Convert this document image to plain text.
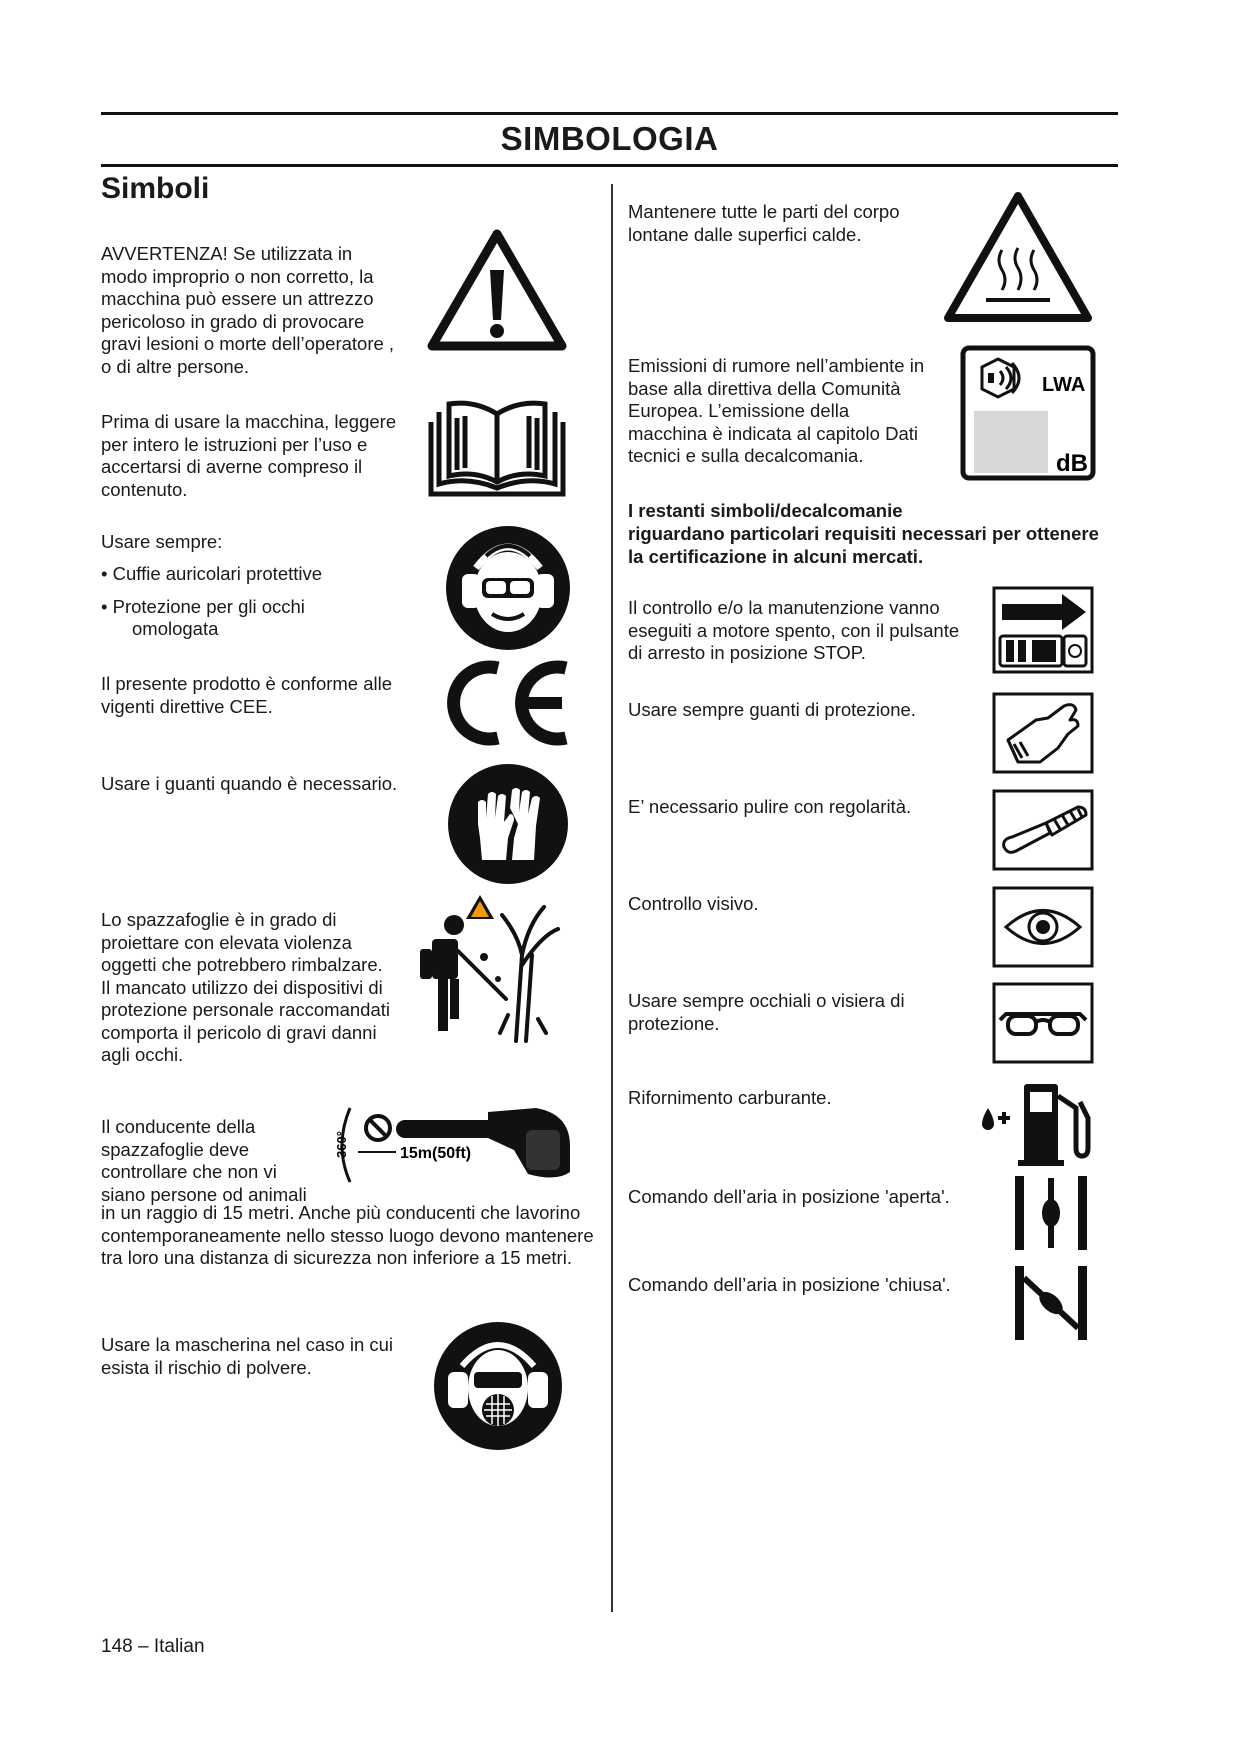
SIMBOLOGIA
Simboli
AVVERTENZA! Se utilizzata in modo improprio o non corretto, la macchina può essere un attrezzo pericoloso in grado di provocare gravi lesioni o morte dell’operatore , o di altre persone.
Prima di usare la macchina, leggere per intero le istruzioni per l’uso e accertarsi di averne compreso il contenuto.
Usare sempre:
• Cuffie auricolari protettive
• Protezione per gli occhi
omologata
Il presente prodotto è conforme alle vigenti direttive CEE.
Usare i guanti quando è necessario.
Lo spazzafoglie è in grado di proiettare con elevata violenza oggetti che potrebbero rimbalzare. Il mancato utilizzo dei dispositivi di protezione personale raccomandati comporta il pericolo di gravi danni agli occhi.
Il conducente della spazzafoglie deve controllare che non vi siano persone od animali
in un raggio di 15 metri. Anche più conducenti che lavorino contemporaneamente nello stesso luogo devono mantenere tra loro una distanza di sicurezza non inferiore a 15 metri.
360°	15m(50ft)
Usare la mascherina nel caso in cui esista il rischio di polvere.
Mantenere tutte le parti del corpo lontane dalle superfici calde.
Emissioni di rumore nell’ambiente in base alla direttiva della Comunità Europea. L’emissione della macchina è indicata al capitolo Dati tecnici e sulla decalcomania.
LWA
dB
I restanti simboli/decalcomanie
riguardano particolari requisiti necessari per ottenere la certificazione in alcuni mercati.
Il controllo e/o la manutenzione vanno eseguiti a motore spento, con il pulsante di arresto in posizione STOP.
Usare sempre guanti di protezione.
E’ necessario pulire con regolarità.
Controllo visivo.
Usare sempre occhiali o visiera di protezione.
Rifornimento carburante.
Comando dell’aria in posizione 'aperta'.
Comando dell’aria in posizione 'chiusa'.
148 – Italian
